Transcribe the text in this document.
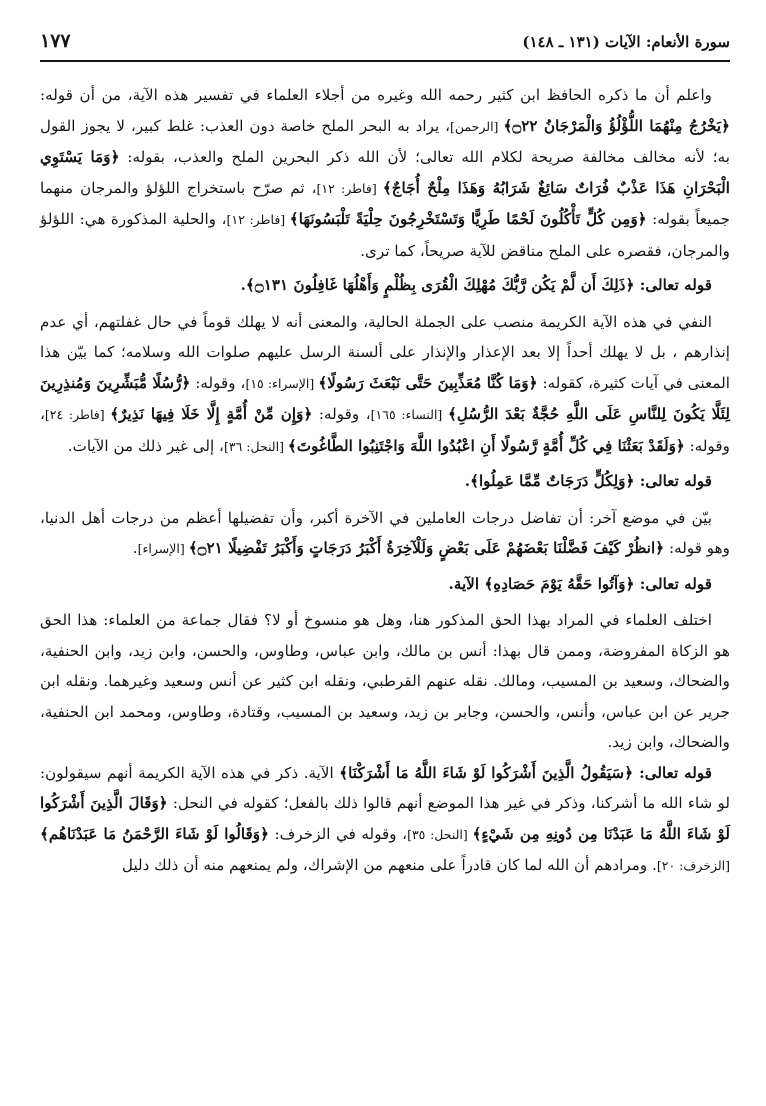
سورة الأنعام: الآيات (١٣١ ـ ١٤٨)
١٧٧

واعلم أن ما ذكره الحافظ ابن كثير رحمه الله وغيره من أجلاء العلماء في تفسير هذه الآية، من أن قوله: ﴿يَخْرُجُ مِنْهُمَا اللُّؤْلُؤُ وَالْمَرْجَانُ ۝٢٢﴾ [الرحمن]، يراد به البحر الملح خاصة دون العذب: غلط كبير، لا يجوز القول به؛ لأنه مخالف مخالفة صريحة لكلام الله تعالى؛ لأن الله ذكر البحرين الملح والعذب، بقوله: ﴿وَمَا يَسْتَوِي الْبَحْرَانِ هَذَا عَذْبٌ فُرَاتٌ سَائِغٌ شَرَابُهُ وَهَذَا مِلْحٌ أُجَاجٌ﴾ [فاطر: ١٢]، ثم صرّح باستخراج اللؤلؤ والمرجان منهما جميعاً بقوله: ﴿وَمِن كُلٍّ تَأْكُلُونَ لَحْمًا طَرِيًّا وَتَسْتَخْرِجُونَ حِلْيَةً تَلْبَسُونَهَا﴾ [فاطر: ١٢]، والحلية المذكورة هي: اللؤلؤ والمرجان، فقصره على الملح مناقض للآية صريحاً، كما ترى.

قوله تعالى: ﴿ذَلِكَ أَن لَّمْ يَكُن رَّبُّكَ مُهْلِكَ الْقُرَى بِظُلْمٍ وَأَهْلُهَا غَافِلُونَ ۝١٣١﴾.

النفي في هذه الآية الكريمة منصب على الجملة الحالية، والمعنى أنه لا يهلك قوماً في حال غفلتهم، أي عدم إنذارهم ، بل لا يهلك أحداً إلا بعد الإعذار والإنذار على ألسنة الرسل عليهم صلوات الله وسلامه؛ كما بيّن هذا المعنى في آيات كثيرة، كقوله: ﴿وَمَا كُنَّا مُعَذِّبِينَ حَتَّى نَبْعَثَ رَسُولًا﴾ [الإسراء: ١٥]، وقوله: ﴿رُّسُلًا مُّبَشِّرِينَ وَمُنذِرِينَ لِئَلَّا يَكُونَ لِلنَّاسِ عَلَى اللَّهِ حُجَّةٌ بَعْدَ الرُّسُلِ﴾ [النساء: ١٦٥]، وقوله: ﴿وَإِن مِّنْ أُمَّةٍ إِلَّا خَلَا فِيهَا نَذِيرٌ﴾ [فاطر: ٢٤]، وقوله: ﴿وَلَقَدْ بَعَثْنَا فِي كُلِّ أُمَّةٍ رَّسُولًا أَنِ اعْبُدُوا اللَّهَ وَاجْتَنِبُوا الطَّاغُوتَ﴾ [النحل: ٣٦]، إلى غير ذلك من الآيات.

قوله تعالى: ﴿وَلِكُلٍّ دَرَجَاتٌ مِّمَّا عَمِلُوا﴾.

بيّن في موضع آخر: أن تفاضل درجات العاملين في الآخرة أكبر، وأن تفضيلها أعظم من درجات أهل الدنيا، وهو قوله: ﴿انظُرْ كَيْفَ فَضَّلْنَا بَعْضَهُمْ عَلَى بَعْضٍ وَلَلْآخِرَةُ أَكْبَرُ دَرَجَاتٍ وَأَكْبَرُ تَفْضِيلًا ۝٢١﴾ [الإسراء].

قوله تعالى: ﴿وَآتُوا حَقَّهُ يَوْمَ حَصَادِهِ﴾ الآية.

اختلف العلماء في المراد بهذا الحق المذكور هنا، وهل هو منسوخ أو لا؟ فقال جماعة من العلماء: هذا الحق هو الزكاة المفروضة، وممن قال بهذا: أنس بن مالك، وابن عباس، وطاوس، والحسن، وابن زيد، وابن الحنفية، والضحاك، وسعيد بن المسيب، ومالك. نقله عنهم القرطبي، ونقله ابن كثير عن أنس وسعيد وغيرهما. ونقله ابن جرير عن ابن عباس، وأنس، والحسن، وجابر بن زيد، وسعيد بن المسيب، وقتادة، وطاوس، ومحمد ابن الحنفية، والضحاك، وابن زيد.

قوله تعالى: ﴿سَيَقُولُ الَّذِينَ أَشْرَكُوا لَوْ شَاءَ اللَّهُ مَا أَشْرَكْنَا﴾ الآية. ذكر في هذه الآية الكريمة أنهم سيقولون: لو شاء الله ما أشركنا، وذكر في غير هذا الموضع أنهم قالوا ذلك بالفعل؛ كقوله في النحل: ﴿وَقَالَ الَّذِينَ أَشْرَكُوا لَوْ شَاءَ اللَّهُ مَا عَبَدْنَا مِن دُونِهِ مِن شَيْءٍ﴾ [النحل: ٣٥]، وقوله في الزخرف: ﴿وَقَالُوا لَوْ شَاءَ الرَّحْمَنُ مَا عَبَدْنَاهُم﴾ [الزخرف: ٢٠]. ومرادهم أن الله لما كان قادراً على منعهم من الإشراك، ولم يمنعهم منه أن ذلك دليل
